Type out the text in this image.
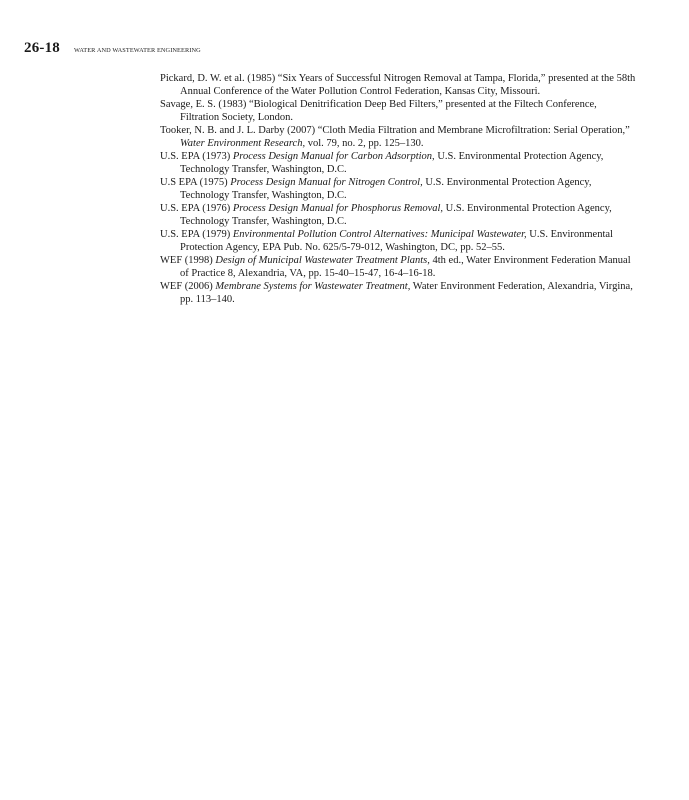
26-18 WATER AND WASTEWATER ENGINEERING
Pickard, D. W. et al. (1985) “Six Years of Successful Nitrogen Removal at Tampa, Florida,” presented at the 58th Annual Conference of the Water Pollution Control Federation, Kansas City, Missouri.
Savage, E. S. (1983) “Biological Denitrification Deep Bed Filters,” presented at the Filtech Conference, Filtration Society, London.
Tooker, N. B. and J. L. Darby (2007) “Cloth Media Filtration and Membrane Microfiltration: Serial Operation,” Water Environment Research, vol. 79, no. 2, pp. 125–130.
U.S. EPA (1973) Process Design Manual for Carbon Adsorption, U.S. Environmental Protection Agency, Technology Transfer, Washington, D.C.
U.S EPA (1975) Process Design Manual for Nitrogen Control, U.S. Environmental Protection Agency, Technology Transfer, Washington, D.C.
U.S. EPA (1976) Process Design Manual for Phosphorus Removal, U.S. Environmental Protection Agency, Technology Transfer, Washington, D.C.
U.S. EPA (1979) Environmental Pollution Control Alternatives: Municipal Wastewater, U.S. Environmental Protection Agency, EPA Pub. No. 625/5-79-012, Washington, DC, pp. 52–55.
WEF (1998) Design of Municipal Wastewater Treatment Plants, 4th ed., Water Environment Federation Manual of Practice 8, Alexandria, VA, pp. 15-40–15-47, 16-4–16-18.
WEF (2006) Membrane Systems for Wastewater Treatment, Water Environment Federation, Alexandria, Virgina, pp. 113–140.
